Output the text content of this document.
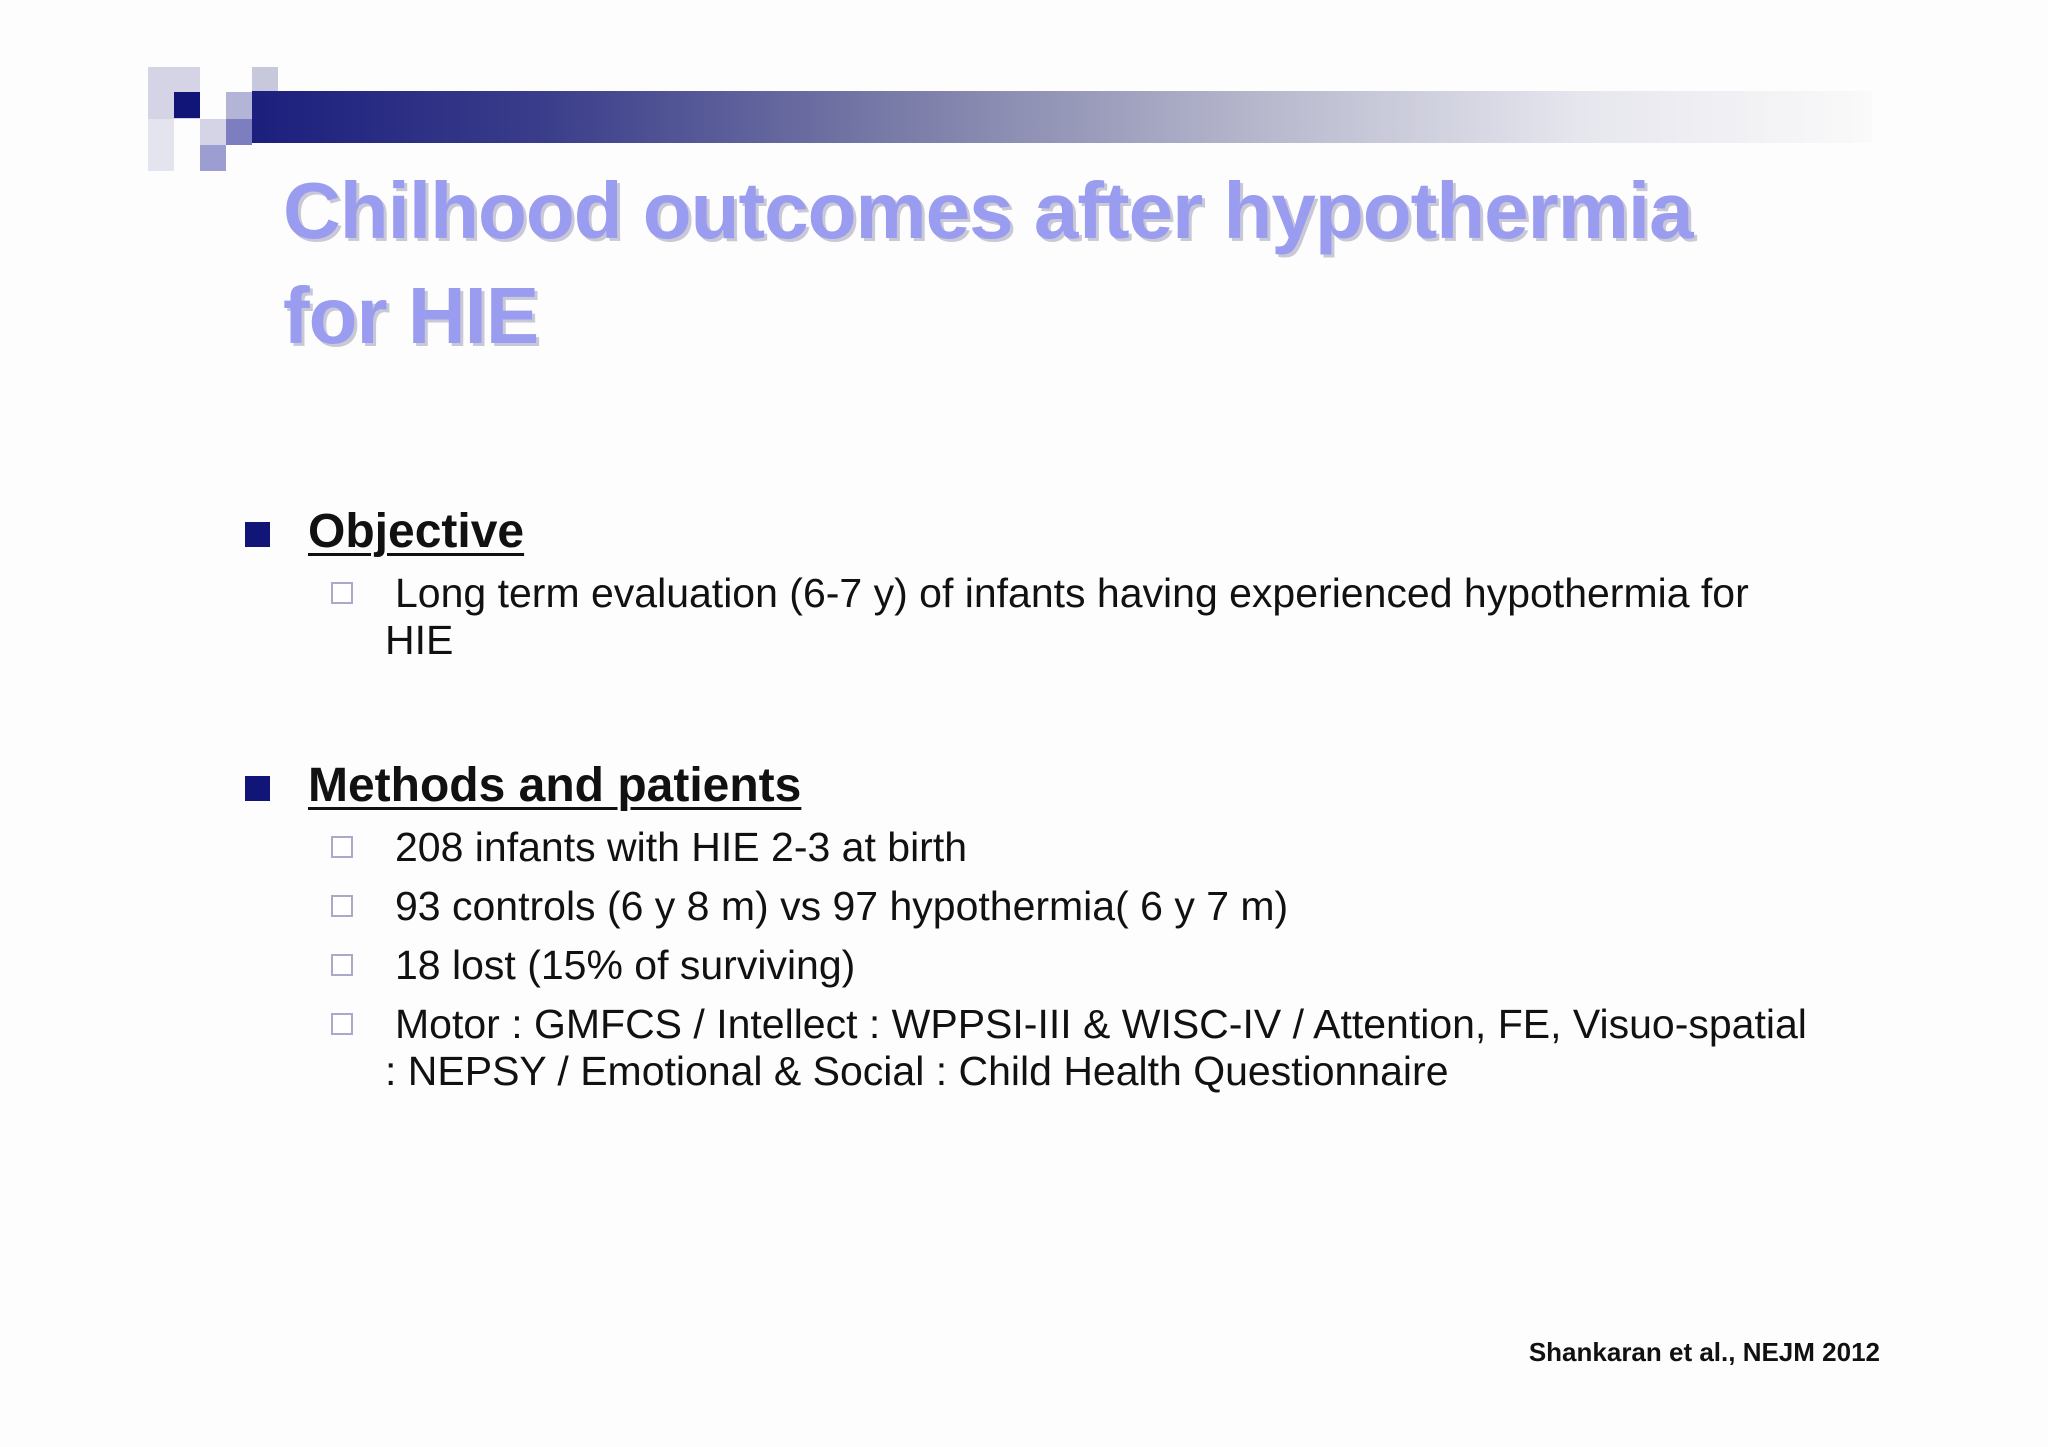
Chilhood outcomes after hypothermia for HIE
Objective
Long term evaluation (6-7 y) of infants having experienced hypothermia for HIE
Methods and patients
208 infants with HIE 2-3 at birth
93 controls (6 y 8 m) vs 97 hypothermia( 6 y 7 m)
18 lost (15% of surviving)
Motor : GMFCS / Intellect : WPPSI-III & WISC-IV / Attention, FE, Visuo-spatial : NEPSY / Emotional & Social : Child Health Questionnaire
Shankaran et al., NEJM 2012
